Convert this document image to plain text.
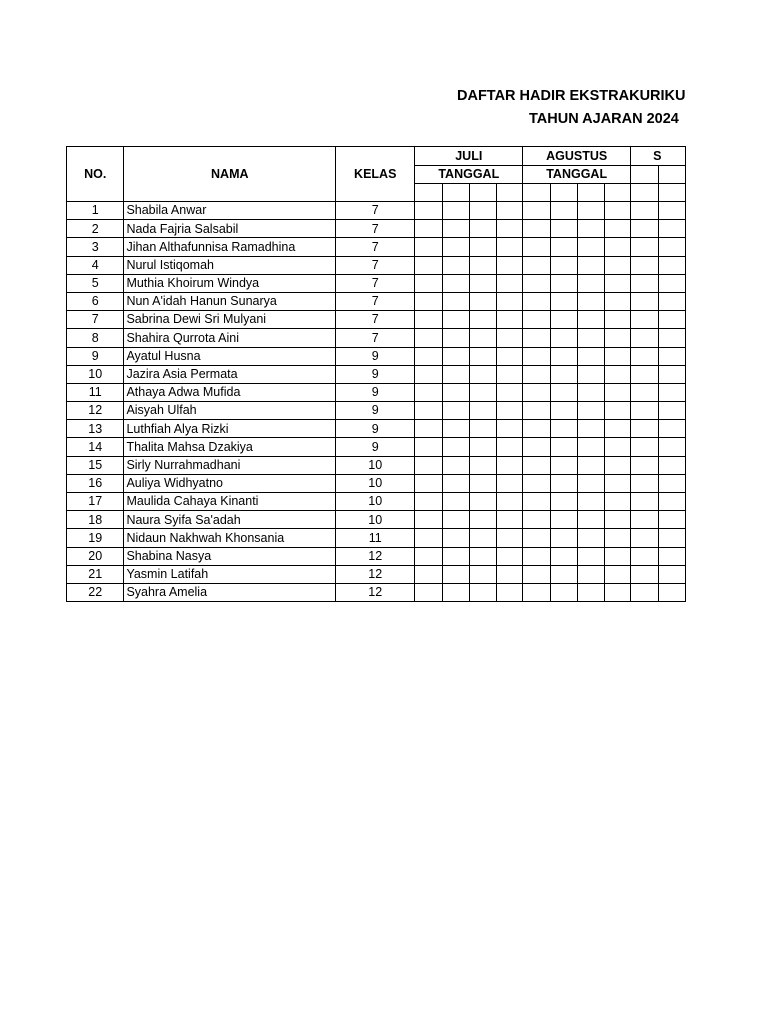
DAFTAR HADIR EKSTRAKURIKU
TAHUN AJARAN 2024
NO.	NAMA	KELAS	JULI				AGUSTUS				S	
			TANGGAL				TANGGAL					

1	Shabila Anwar	7										
2	Nada Fajria Salsabil	7										
3	Jihan Althafunnisa Ramadhina	7										
4	Nurul Istiqomah	7										
5	Muthia Khoirum Windya	7										
6	Nun A'idah Hanun Sunarya	7										
7	Sabrina Dewi Sri Mulyani	7										
8	Shahira Qurrota Aini	7										
9	Ayatul Husna	9										
10	Jazira Asia Permata	9										
11	Athaya Adwa Mufida	9										
12	Aisyah Ulfah	9										
13	Luthfiah Alya Rizki	9										
14	Thalita Mahsa Dzakiya	9										
15	Sirly Nurrahmadhani	10										
16	Auliya Widhyatno	10										
17	Maulida Cahaya Kinanti	10										
18	Naura Syifa Sa'adah	10										
19	Nidaun Nakhwah Khonsania	11										
20	Shabina Nasya	12										
21	Yasmin Latifah	12										
22	Syahra Amelia	12										
